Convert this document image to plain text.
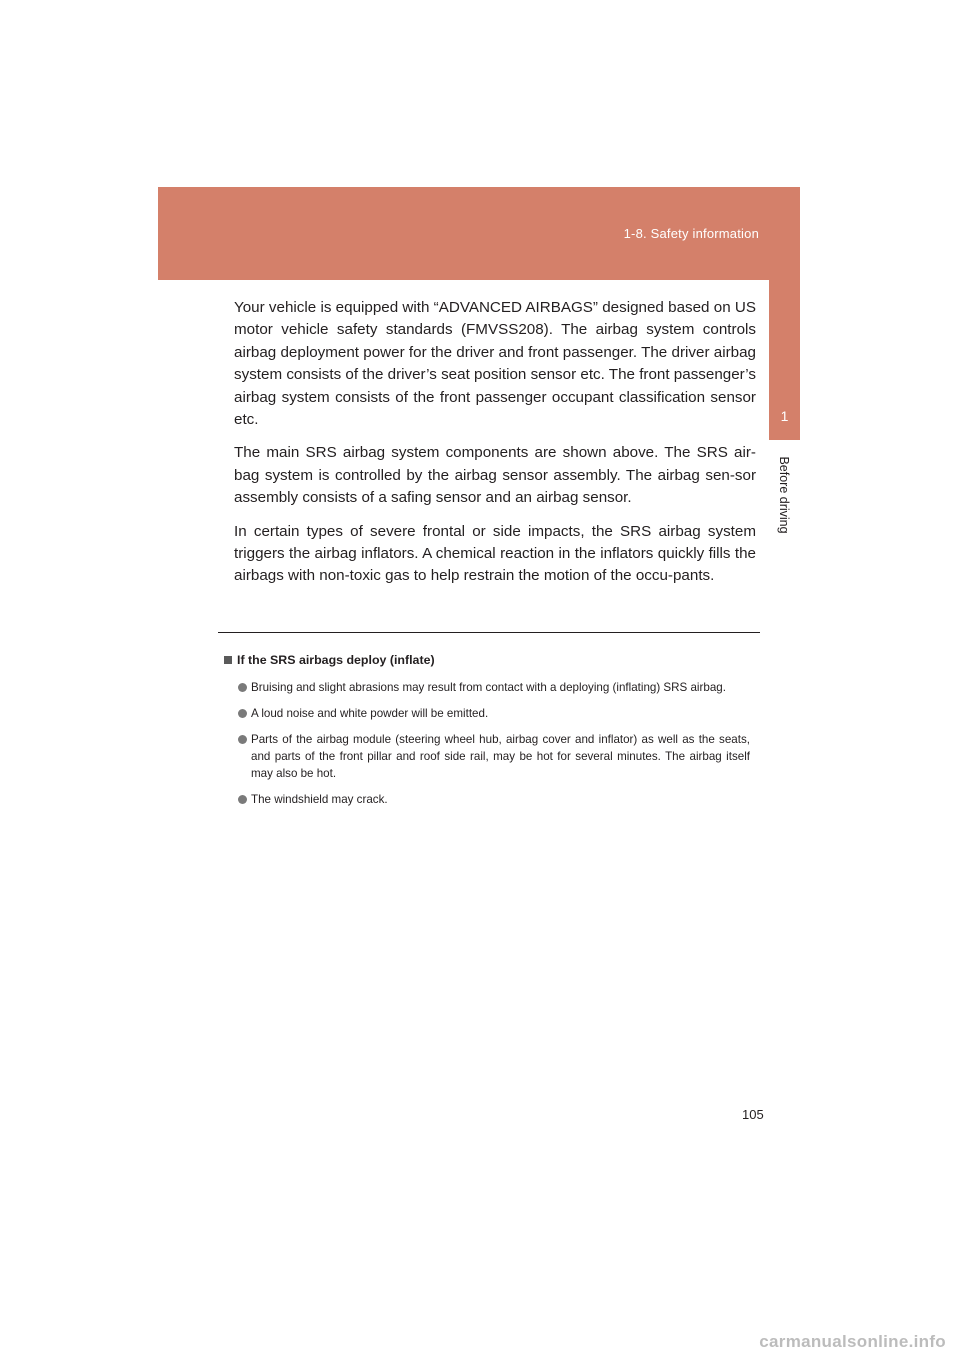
1-8. Safety information
1
Before driving

Your vehicle is equipped with “ADVANCED AIRBAGS” designed based on US motor vehicle safety standards (FMVSS208). The airbag system controls airbag deployment power for the driver and front passenger. The driver airbag system consists of the driver’s seat position sensor etc. The front passenger’s airbag system consists of the front passenger occupant classification sensor etc.

The main SRS airbag system components are shown above. The SRS air-bag system is controlled by the airbag sensor assembly. The airbag sen-sor assembly consists of a safing sensor and an airbag sensor.

In certain types of severe frontal or side impacts, the SRS airbag system triggers the airbag inflators. A chemical reaction in the inflators quickly fills the airbags with non-toxic gas to help restrain the motion of the occu-pants.

If the SRS airbags deploy (inflate)
Bruising and slight abrasions may result from contact with a deploying (inflating) SRS airbag.
A loud noise and white powder will be emitted.
Parts of the airbag module (steering wheel hub, airbag cover and inflator) as well as the seats, and parts of the front pillar and roof side rail, may be hot for several minutes. The airbag itself may also be hot.
The windshield may crack.
105
carmanualsonline.info
